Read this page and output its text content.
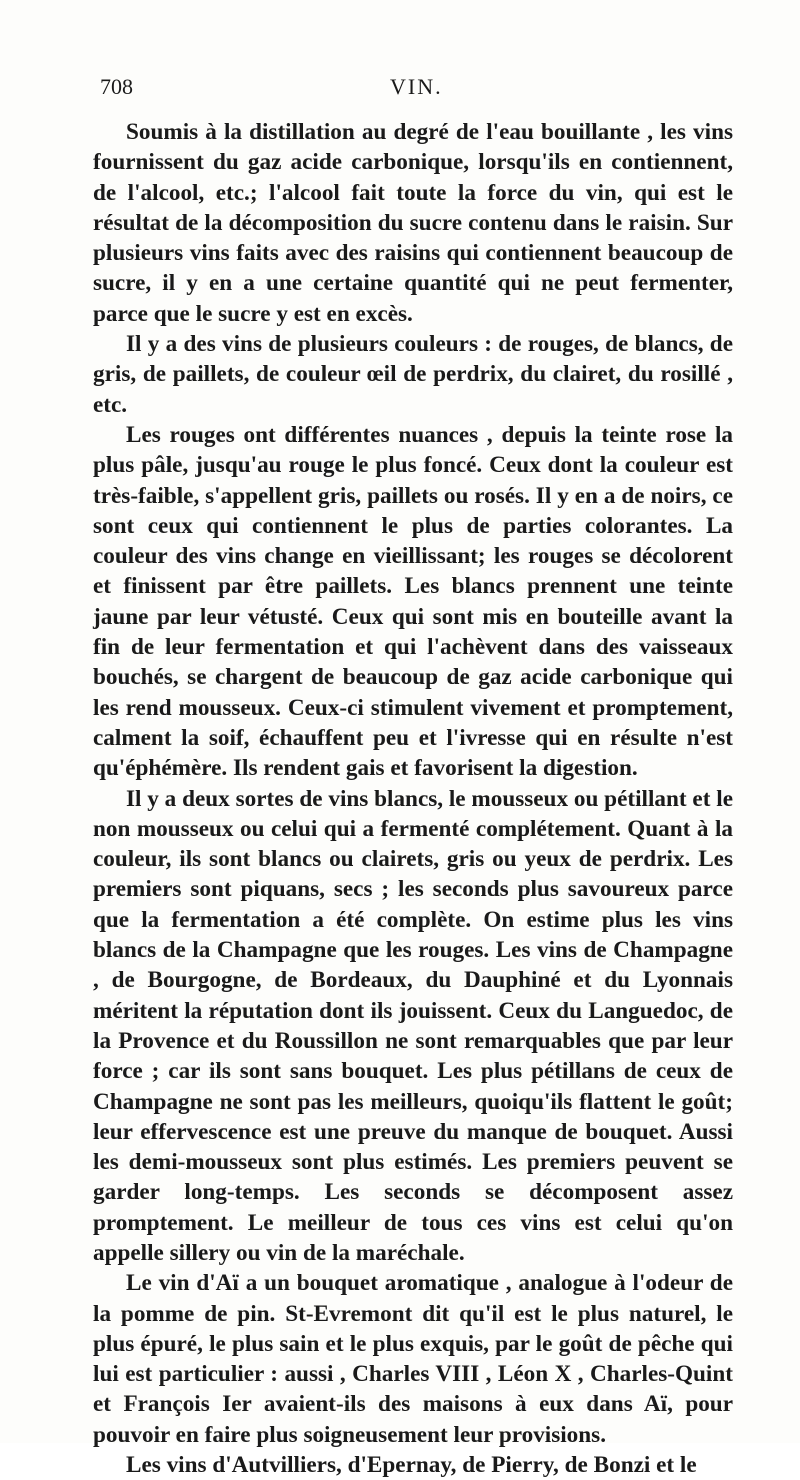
708	VIN.

Soumis à la distillation au degré de l'eau bouillante , les vins fournissent du gaz acide carbonique, lorsqu'ils en contiennent, de l'alcool, etc.; l'alcool fait toute la force du vin, qui est le résultat de la décomposition du sucre contenu dans le raisin. Sur plusieurs vins faits avec des raisins qui contiennent beaucoup de sucre, il y en a une certaine quantité qui ne peut fermenter, parce que le sucre y est en excès.

Il y a des vins de plusieurs couleurs : de rouges, de blancs, de gris, de paillets, de couleur œil de perdrix, du clairet, du rosillé , etc.

Les rouges ont différentes nuances , depuis la teinte rose la plus pâle, jusqu'au rouge le plus foncé. Ceux dont la couleur est très-faible, s'appellent gris, paillets ou rosés. Il y en a de noirs, ce sont ceux qui contiennent le plus de parties colorantes. La couleur des vins change en vieillissant; les rouges se décolorent et finissent par être paillets. Les blancs prennent une teinte jaune par leur vétusté. Ceux qui sont mis en bouteille avant la fin de leur fermentation et qui l'achèvent dans des vaisseaux bouchés, se chargent de beaucoup de gaz acide carbonique qui les rend mousseux. Ceux-ci stimulent vivement et promptement, calment la soif, échauffent peu et l'ivresse qui en résulte n'est qu'éphémère. Ils rendent gais et favorisent la digestion.

Il y a deux sortes de vins blancs, le mousseux ou pétillant et le non mousseux ou celui qui a fermenté complétement. Quant à la couleur, ils sont blancs ou clairets, gris ou yeux de perdrix. Les premiers sont piquans, secs ; les seconds plus savoureux parce que la fermentation a été complète. On estime plus les vins blancs de la Champagne que les rouges. Les vins de Champagne , de Bourgogne, de Bordeaux, du Dauphiné et du Lyonnais méritent la réputation dont ils jouissent. Ceux du Languedoc, de la Provence et du Roussillon ne sont remarquables que par leur force ; car ils sont sans bouquet. Les plus pétillans de ceux de Champagne ne sont pas les meilleurs, quoiqu'ils flattent le goût; leur effervescence est une preuve du manque de bouquet. Aussi les demi-mousseux sont plus estimés. Les premiers peuvent se garder long-temps. Les seconds se décomposent assez promptement. Le meilleur de tous ces vins est celui qu'on appelle sillery ou vin de la maréchale.

Le vin d'Aï a un bouquet aromatique , analogue à l'odeur de la pomme de pin. St-Evremont dit qu'il est le plus naturel, le plus épuré, le plus sain et le plus exquis, par le goût de pêche qui lui est particulier : aussi , Charles VIII , Léon X , Charles-Quint et François Ier avaient-ils des maisons à eux dans Aï, pour pouvoir en faire plus soigneusement leur provisions.

Les vins d'Autvilliers, d'Epernay, de Pierry, de Bonzi et le
